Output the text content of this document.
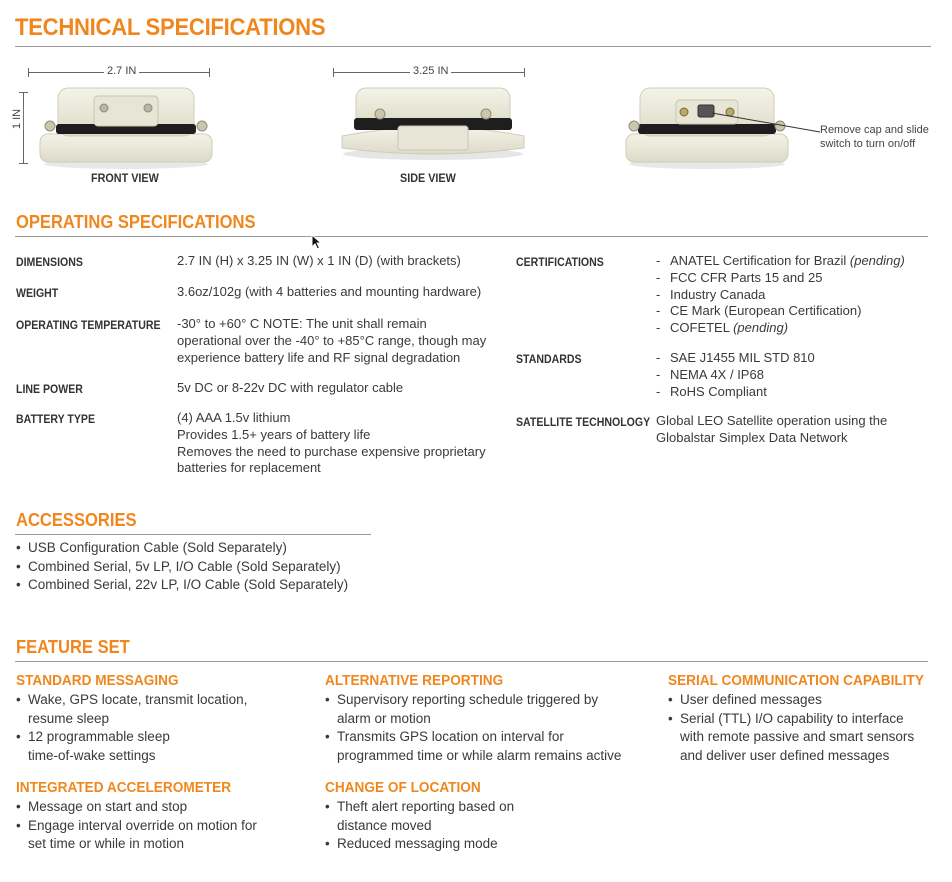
TECHNICAL SPECIFICATIONS
2.7 IN
1 IN
FRONT VIEW
3.25 IN
SIDE VIEW
Remove cap and slide
switch to turn on/off
OPERATING SPECIFICATIONS
DIMENSIONS	2.7 IN (H) x 3.25 IN (W) x 1 IN (D) (with brackets)
WEIGHT	3.6oz/102g (with 4 batteries and mounting hardware)
OPERATING TEMPERATURE -30° to +60° C NOTE: The unit shall remain
operational over the -40° to +85°C range, though may
experience battery life and RF signal degradation
LINE POWER	5v DC or 8-22v DC with regulator cable
BATTERY TYPE	(4) AAA 1.5v lithium
Provides 1.5+ years of battery life
Removes the need to purchase expensive proprietary
batteries for replacement
CERTIFICATIONS	- ANATEL Certification for Brazil (pending)
- FCC CFR Parts 15 and 25
- Industry Canada
- CE Mark (European Certification)
- COFETEL (pending)
STANDARDS	- SAE J1455 MIL STD 810
- NEMA 4X / IP68
- RoHS Compliant
SATELLITE TECHNOLOGY Global LEO Satellite operation using the
Globalstar Simplex Data Network
ACCESSORIES
• USB Configuration Cable (Sold Separately)
• Combined Serial, 5v LP, I/O Cable (Sold Separately)
• Combined Serial, 22v LP, I/O Cable (Sold Separately)
FEATURE SET
STANDARD MESSAGING
• Wake, GPS locate, transmit location,
resume sleep
• 12 programmable sleep
time-of-wake settings
INTEGRATED ACCELEROMETER
• Message on start and stop
• Engage interval override on motion for
set time or while in motion
ALTERNATIVE REPORTING
• Supervisory reporting schedule triggered by
alarm or motion
• Transmits GPS location on interval for
programmed time or while alarm remains active
CHANGE OF LOCATION
• Theft alert reporting based on
distance moved
• Reduced messaging mode
SERIAL COMMUNICATION CAPABILITY
• User defined messages
• Serial (TTL) I/O capability to interface
with remote passive and smart sensors
and deliver user defined messages
